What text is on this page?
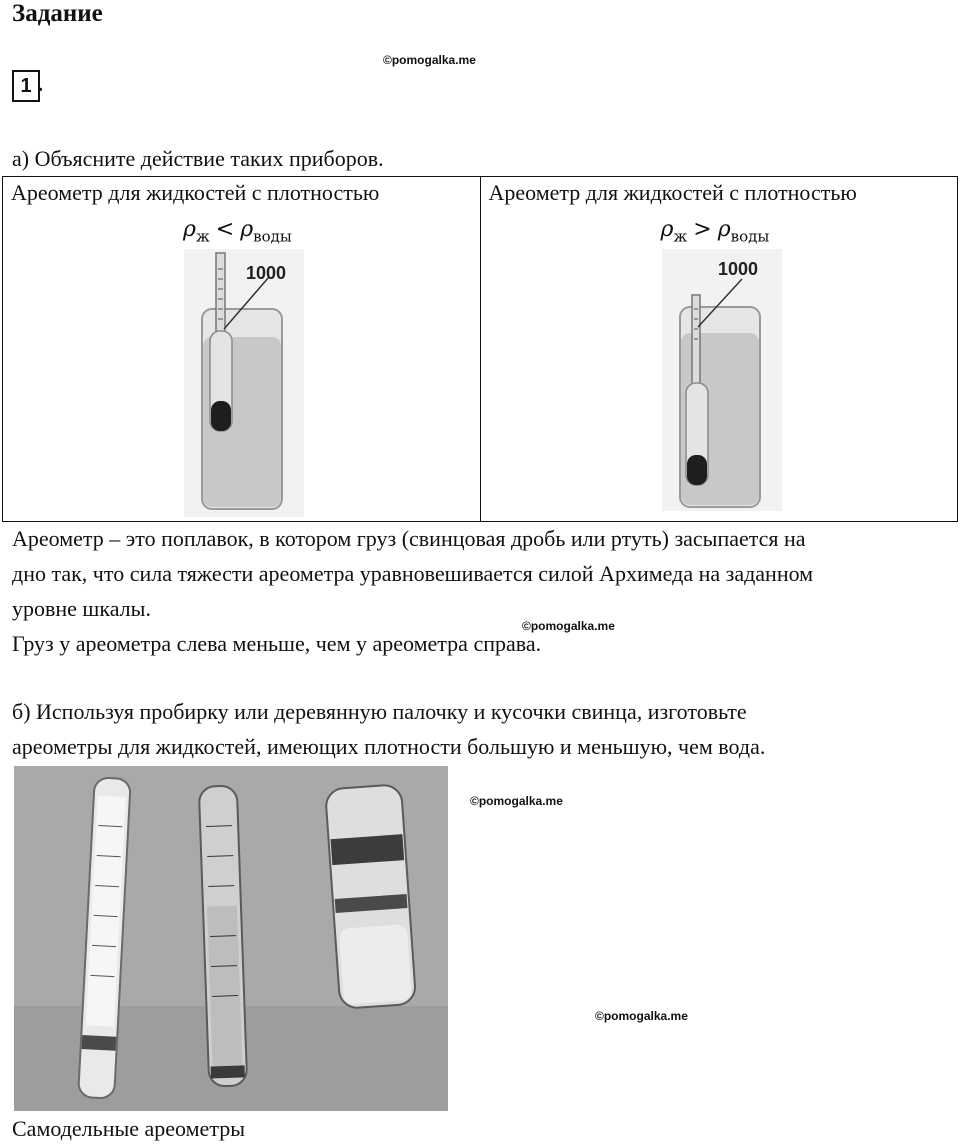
Задание
©pomogalka.me
1 .
а) Объясните действие таких приборов.
Ареометр для жидкостей с плотностью
$\rho_ж < \rho_{воды}$
1000

Ареометр для жидкостей с плотностью
$\rho_ж > \rho_{воды}$
1000
Ареометр – это поплавок, в котором груз (свинцовая дробь или ртуть) засыпается на
дно так, что сила тяжести ареометра уравновешивается силой Архимеда на заданном
уровне шкалы.
Груз у ареометра слева меньше, чем у ареометра справа.
©pomogalka.me
б) Используя пробирку или деревянную палочку и кусочки свинца, изготовьте
ареометры для жидкостей, имеющих плотности большую и меньшую, чем вода.
©pomogalka.me
©pomogalka.me
Самодельные ареометры
